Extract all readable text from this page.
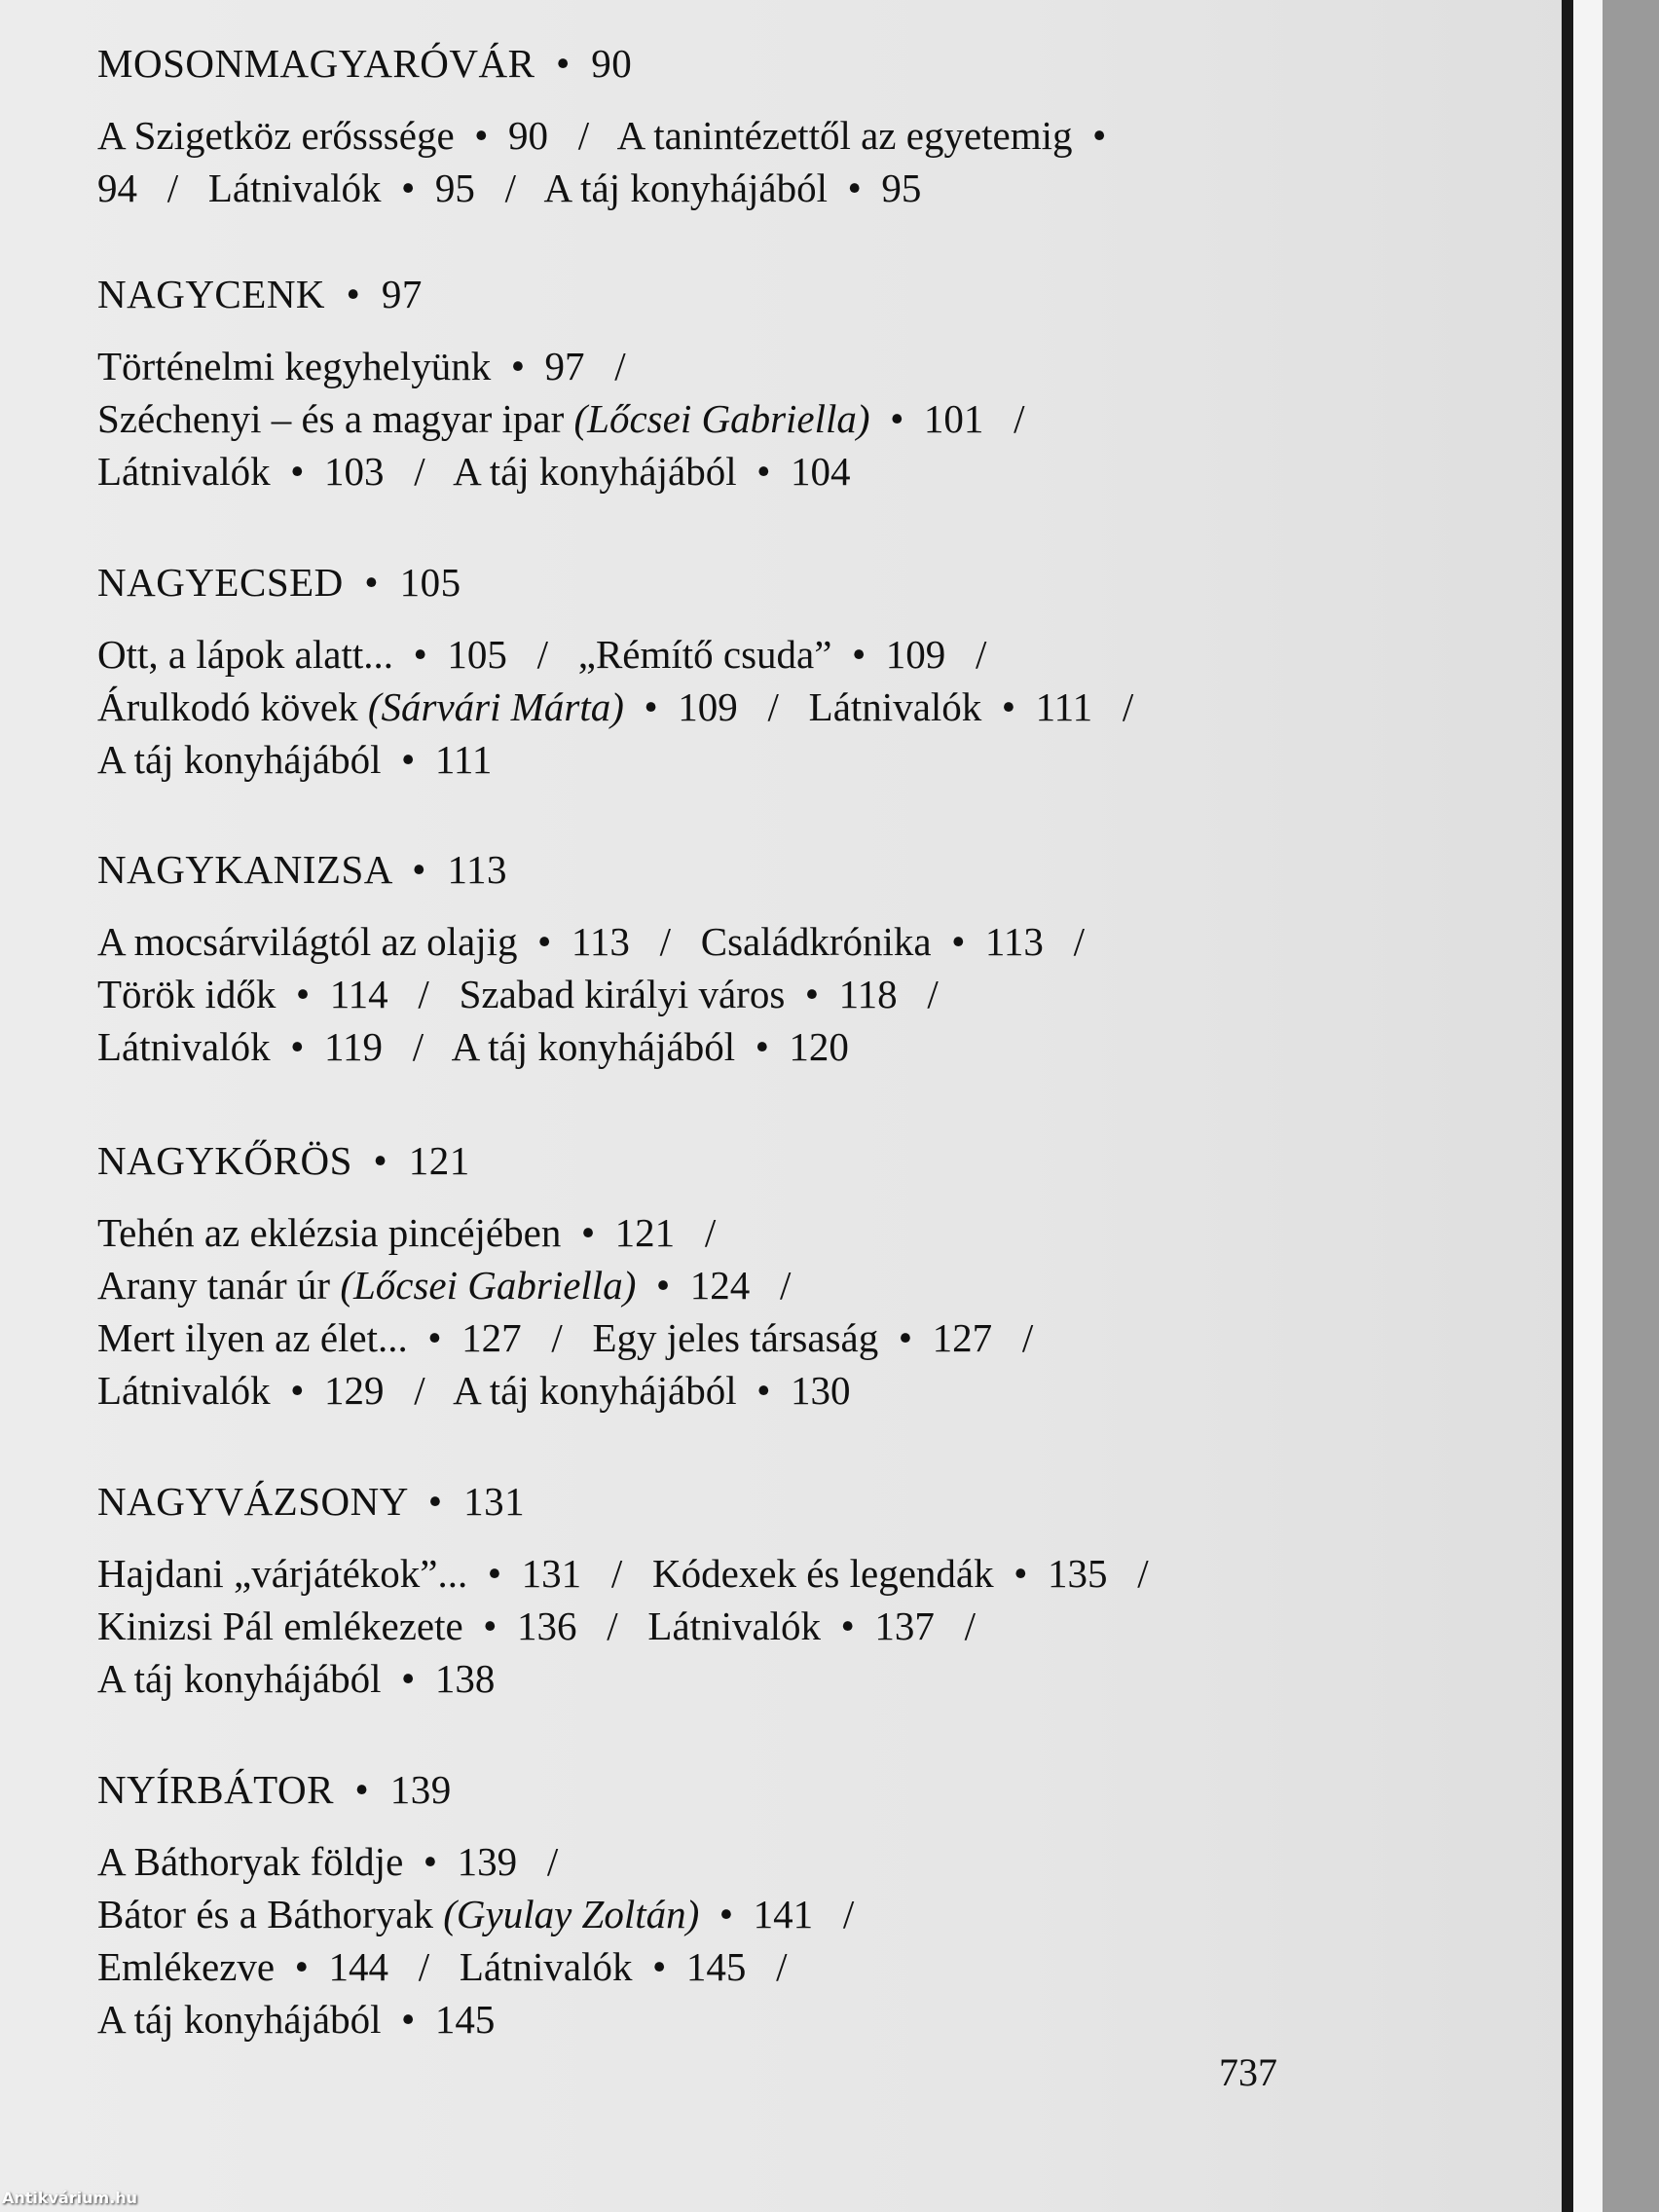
MOSONMAGYARÓVÁR  •  90
A Szigetköz erősssége  •  90   /   A tanintézettől az egyetemig  •
94   /   Látnivalók  •  95   /   A táj konyhájából  •  95
NAGYCENK  •  97
Történelmi kegyhelyünk  •  97   /
Széchenyi – és a magyar ipar (Lőcsei Gabriella)  •  101   /
Látnivalók  •  103   /   A táj konyhájából  •  104
NAGYECSED  •  105
Ott, a lápok alatt...  •  105   /   „Rémítő csuda”  •  109   /
Árulkodó kövek (Sárvári Márta)  •  109   /   Látnivalók  •  111   /
A táj konyhájából  •  111
NAGYKANIZSA  •  113
A mocsárvilágtól az olajig  •  113   /   Családkrónika  •  113   /
Török idők  •  114   /   Szabad királyi város  •  118   /
Látnivalók  •  119   /   A táj konyhájából  •  120
NAGYKŐRÖS  •  121
Tehén az eklézsia pincéjében  •  121   /
Arany tanár úr (Lőcsei Gabriella)  •  124   /
Mert ilyen az élet...  •  127   /   Egy jeles társaság  •  127   /
Látnivalók  •  129   /   A táj konyhájából  •  130
NAGYVÁZSONY  •  131
Hajdani „várjátékok”...  •  131   /   Kódexek és legendák  •  135   /
Kinizsi Pál emlékezete  •  136   /   Látnivalók  •  137   /
A táj konyhájából  •  138
NYÍRBÁTOR  •  139
A Báthoryak földje  •  139   /
Bátor és a Báthoryak (Gyulay Zoltán)  •  141   /
Emlékezve  •  144   /   Látnivalók  •  145   /
A táj konyhájából  •  145
737
Antikvárium.hu
